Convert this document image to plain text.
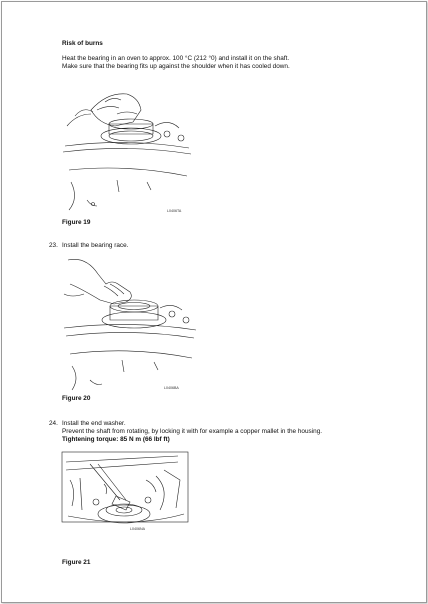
Risk of burns
Heat the bearing in an oven to approx. 100 °C (212 °0) and install it on the shaft.
Make sure that the bearing fits up against the shoulder when it has cooled down.
L0406TA
Figure 19
23. Install the bearing race.
L0406BA
Figure 20
24. Install the end washer.
Prevent the shaft from rotating, by locking it with for example a copper mallet in the housing.
Tightening torque: 85 N m (66 lbf ft)
L0406NA
Figure 21
